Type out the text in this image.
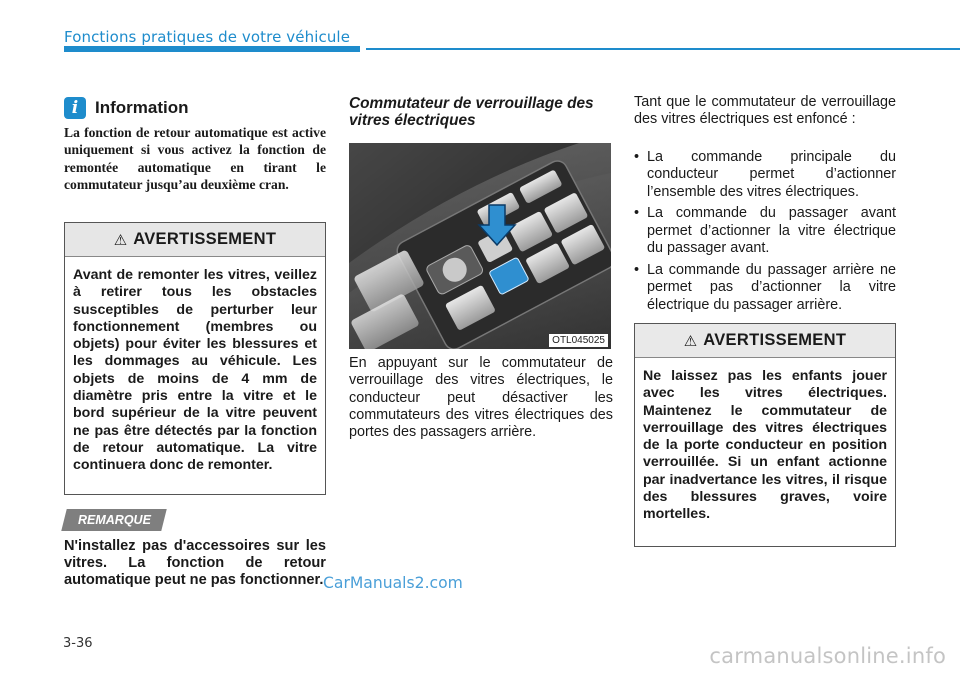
Fonctions pratiques de votre véhicule
i Information
La fonction de retour automatique est active uniquement si vous activez la fonction de remontée automatique en tirant le commutateur jusqu’au deuxième cran.
⚠ AVERTISSEMENT
Avant de remonter les vitres, veillez à retirer tous les obstacles susceptibles de perturber leur fonctionnement (membres ou objets) pour éviter les blessures et les dommages au véhicule. Les objets de moins de 4 mm de diamètre pris entre la vitre et le bord supérieur de la vitre peuvent ne pas être détectés par la fonction de retour automatique. La vitre continuera donc de remonter.
REMARQUE
N'installez pas d'accessoires sur les vitres. La fonction de retour automatique peut ne pas fonctionner.
Commutateur de verrouillage des vitres électriques
OTL045025
En appuyant sur le commutateur de verrouillage des vitres électriques, le conducteur peut désactiver les commutateurs des vitres électriques des portes des passagers arrière.
Tant que le commutateur de verrouillage des vitres électriques est enfoncé :
• La commande principale du conducteur permet d’actionner l’ensemble des vitres électriques.
• La commande du passager avant permet d’actionner la vitre électrique du passager avant.
• La commande du passager arrière ne permet pas d’actionner la vitre électrique du passager arrière.
⚠ AVERTISSEMENT
Ne laissez pas les enfants jouer avec les vitres électriques. Maintenez le commutateur de verrouillage des vitres électriques de la porte conducteur en position verrouillée. Si un enfant actionne par inadvertance les vitres, il risque des blessures graves, voire mortelles.
CarManuals2.com
3-36
carmanualsonline.info
